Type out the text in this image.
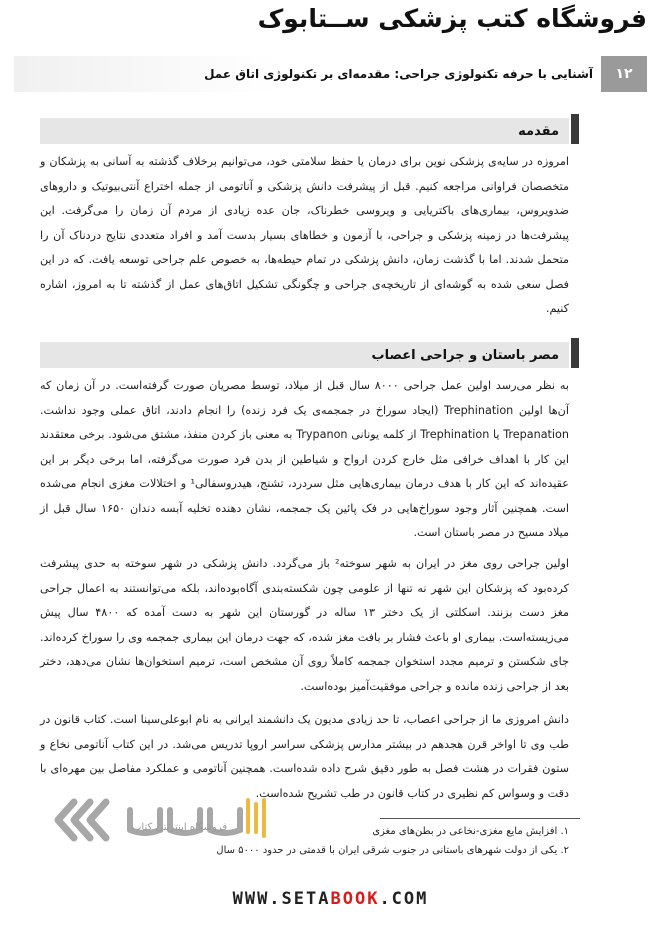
فروشگاه کتب پزشکی ســتابوک
۱۲
آشنایی با حرفه تکنولوژی جراحی: مقدمه‌ای بر تکنولوژی اتاق عمل
مقدمه
امروزه در سایه‌ی پزشکی نوین برای درمان یا حفظ سلامتی خود، می‌توانیم برخلاف گذشته به آسانی به پزشکان و متخصصان فراوانی مراجعه کنیم. قبل از پیشرفت دانش پزشکی و آناتومی از جمله اختراع آنتی‌بیوتیک و داروهای ضدویروس، بیماری‌های باکتریایی و ویروسی خطرناک، جان عده زیادی از مردم آن زمان را می‌گرفت. این پیشرفت‌ها در زمینه پزشکی و جراحی، با آزمون و خطاهای بسیار بدست آمد و افراد متعددی نتایج دردناک آن را متحمل شدند. اما با گذشت زمان، دانش پزشکی در تمام حیطه‌ها، به خصوص علم جراحی توسعه یافت. که در این فصل سعی شده به گوشه‌ای از تاریخچه‌ی جراحی و چگونگی تشکیل اتاق‌های عمل از گذشته تا به امروز، اشاره کنیم.
مصر باستان و جراحی اعصاب
به نظر می‌رسد اولین عمل جراحی ۸۰۰۰ سال قبل از میلاد، توسط مصریان صورت گرفته‌است. در آن زمان که آن‌ها اولین Trephination (ایجاد سوراخ در جمجمه‌ی یک فرد زنده) را انجام دادند، اتاق عملی وجود نداشت. Trepanation یا Trephination از کلمه یونانی Trypanon به معنی باز کردن منفذ، مشتق می‌شود. برخی معتقدند این کار با اهداف خرافی مثل خارج کردن ارواح و شیاطین از بدن فرد صورت می‌گرفته، اما برخی دیگر بر این عقیده‌اند که این کار با هدف درمان بیماری‌هایی مثل سردرد، تشنج، هیدروسفالی¹ و اختلالات مغزی انجام می‌شده است. همچنین آثار وجود سوراخ‌هایی در فک پائین یک جمجمه، نشان دهنده تخلیه آبسه دندان ۱۶۵۰ سال قبل از میلاد مسیح در مصر باستان است.
اولین جراحی روی مغز در ایران به شهر سوخته² باز می‌گردد. دانش پزشکی در شهر سوخته به حدی پیشرفت کرده‌بود که پزشکان این شهر نه تنها از علومی چون شکسته‌بندی آگاه‌بوده‌اند، بلکه می‌توانستند به اعمال جراحی مغز دست بزنند. اسکلتی از یک دختر ۱۳ ساله در گورستان این شهر به دست آمده که ۴۸۰۰ سال پیش می‌زیسته‌است. بیماری او باعث فشار بر بافت مغز شده، که جهت درمان این بیماری جمجمه وی را سوراخ کرده‌اند. جای شکستن و ترمیم مجدد استخوان جمجمه کاملاً روی آن مشخص است، ترمیم استخوان‌ها نشان می‌دهد، دختر بعد از جراحی زنده مانده و جراحی موفقیت‌آمیز بوده‌است.
دانش امروزی ما از جراحی اعصاب، تا حد زیادی مدیون یک دانشمند ایرانی به نام ابوعلی‌سینا است. کتاب قانون در طب وی تا اواخر قرن هجدهم در بیشتر مدارس پزشکی سراسر اروپا تدریس می‌شد. در این کتاب آناتومی نخاع و ستون فقرات در هشت فصل به طور دقیق شرح داده شده‌است. همچنین آناتومی و عملکرد مفاصل بین مهره‌ای با دقت و وسواس کم نظیری در کتاب قانون در طب تشریح شده‌است.
۱. افزایش مایع مغزی-نخاعی در بطن‌های مغزی
۲. یکی از دولت شهرهای باستانی در جنوب شرقی ایران با قدمتی در حدود ۵۰۰۰ سال
ستابوک
فروشگاه اینترنتی کتاب
WWW.SETABOOK.COM
